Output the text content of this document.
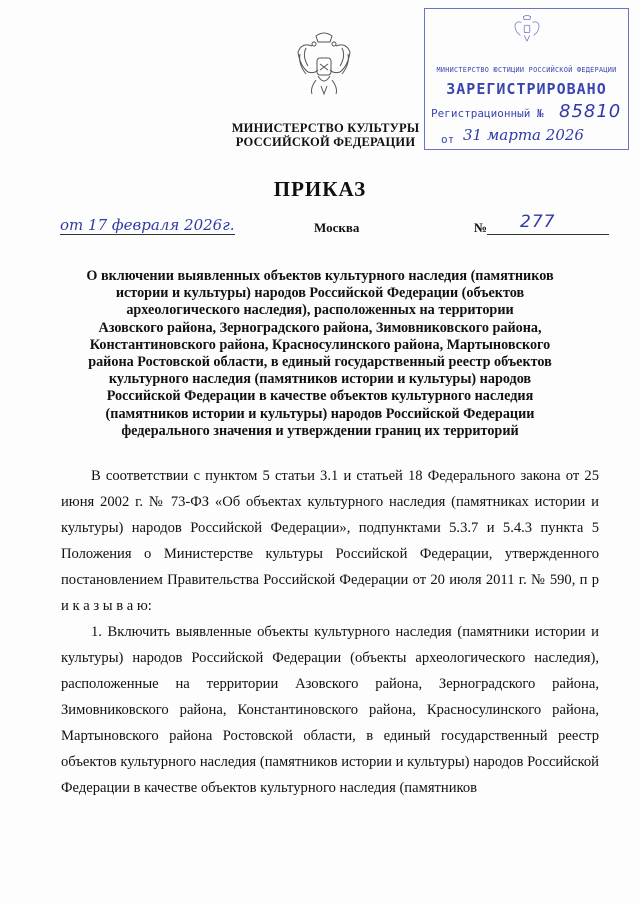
МИНИСТЕРСТВО КУЛЬТУРЫ
РОССИЙСКОЙ ФЕДЕРАЦИИ
МИНИСТЕРСТВО ЮСТИЦИИ РОССИЙСКОЙ ФЕДЕРАЦИИ
ЗАРЕГИСТРИРОВАНО
Регистрационный № 85810
от 31 марта 2026
ПРИКАЗ
от 17 февраля 2026г.	Москва	№ 277
О включении выявленных объектов культурного наследия (памятников
истории и культуры) народов Российской Федерации (объектов
археологического наследия), расположенных на территории
Азовского района, Зерноградского района, Зимовниковского района,
Константиновского района, Красносулинского района, Мартыновского
района Ростовской области, в единый государственный реестр объектов
культурного наследия (памятников истории и культуры) народов
Российской Федерации в качестве объектов культурного наследия
(памятников истории и культуры) народов Российской Федерации
федерального значения и утверждении границ их территорий

В соответствии с пунктом 5 статьи 3.1 и статьей 18 Федерального закона от 25 июня 2002 г. № 73-ФЗ «Об объектах культурного наследия (памятниках истории и культуры) народов Российской Федерации», подпунктами 5.3.7 и 5.4.3 пункта 5 Положения о Министерстве культуры Российской Федерации, утвержденного постановлением Правительства Российской Федерации от 20 июля 2011 г. № 590, п р и к а з ы в а ю:

1. Включить выявленные объекты культурного наследия (памятники истории и культуры) народов Российской Федерации (объекты археологического наследия), расположенные на территории Азовского района, Зерноградского района, Зимовниковского района, Константиновского района, Красносулинского района, Мартыновского района Ростовской области, в единый государственный реестр объектов культурного наследия (памятников истории и культуры) народов Российской Федерации в качестве объектов культурного наследия (памятников
